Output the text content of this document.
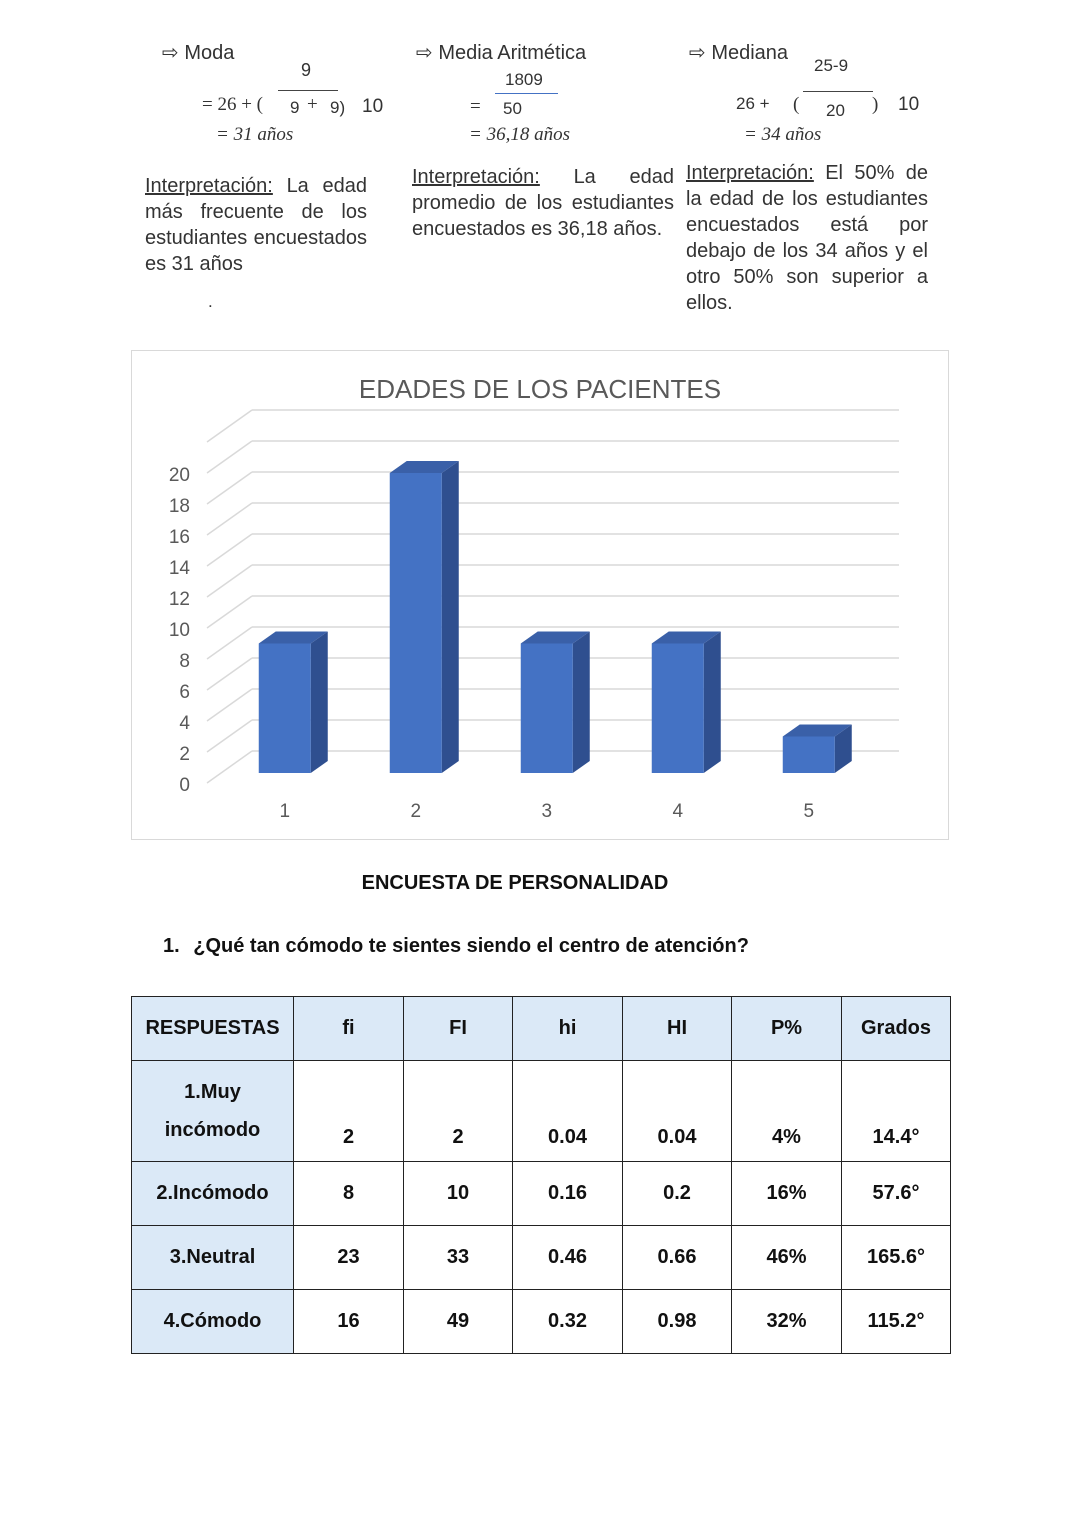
⇨ Moda
9
= 26 + ( 9 + 9) 10
= 31 años
Interpretación: La edad más frecuente de los estudiantes encuestados es 31 años
.
⇨ Media Aritmética
1809
= 50
= 36,18 años
Interpretación: La edad promedio de los estudiantes encuestados es 36,18 años.
⇨ Mediana
25-9
26 + ( 20 ) 10
= 34 años
Interpretación: El 50% de la edad de los estudiantes encuestados está por debajo de los 34 años y el otro 50% son superior a ellos.
EDADES DE LOS PACIENTES
0
2
4
6
8
10
12
14
16
18
20
1	2	3	4	5
ENCUESTA DE PERSONALIDAD
1. ¿Qué tan cómodo te sientes siendo el centro de atención?
RESPUESTAS	fi	FI	hi	HI	P%	Grados
1.Muy
incómodo	2	2	0.04	0.04	4%	14.4°
2.Incómodo	8	10	0.16	0.2	16%	57.6°
3.Neutral	23	33	0.46	0.66	46%	165.6°
4.Cómodo	16	49	0.32	0.98	32%	115.2°
